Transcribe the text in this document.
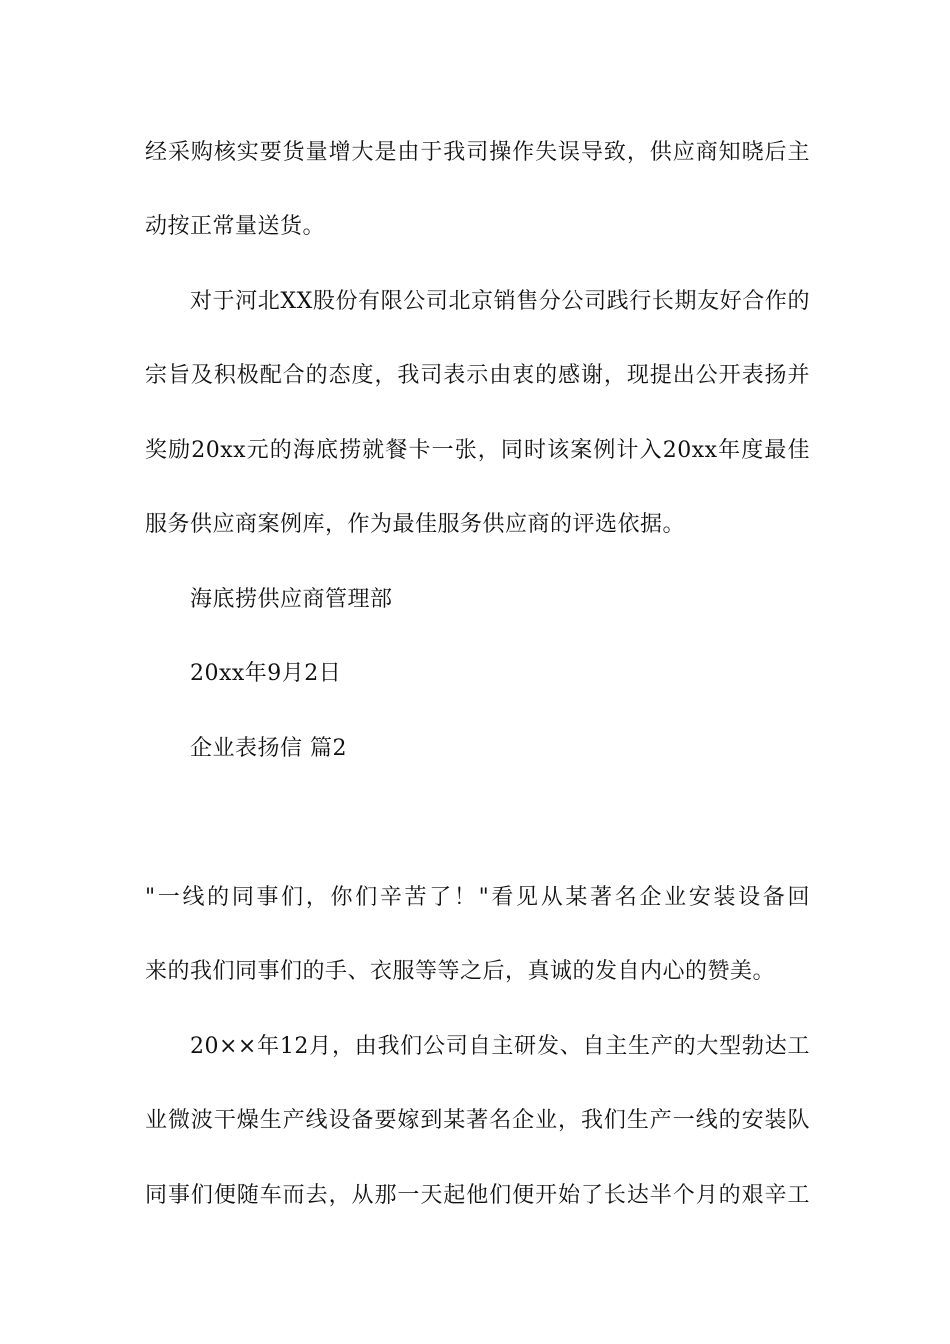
经采购核实要货量增大是由于我司操作失误导致，供应商知晓后主
动按正常量送货。
对于河北XX股份有限公司北京销售分公司践行长期友好合作的
宗旨及积极配合的态度，我司表示由衷的感谢，现提出公开表扬并
奖励20xx元的海底捞就餐卡一张，同时该案例计入20xx年度最佳
服务供应商案例库，作为最佳服务供应商的评选依据。
海底捞供应商管理部
20xx年9月2日
企业表扬信 篇2
"一线的同事们，你们辛苦了！"看见从某著名企业安装设备回
来的我们同事们的手、衣服等等之后，真诚的发自内心的赞美。
20××年12月，由我们公司自主研发、自主生产的大型勃达工
业微波干燥生产线设备要嫁到某著名企业，我们生产一线的安装队
同事们便随车而去，从那一天起他们便开始了长达半个月的艰辛工
